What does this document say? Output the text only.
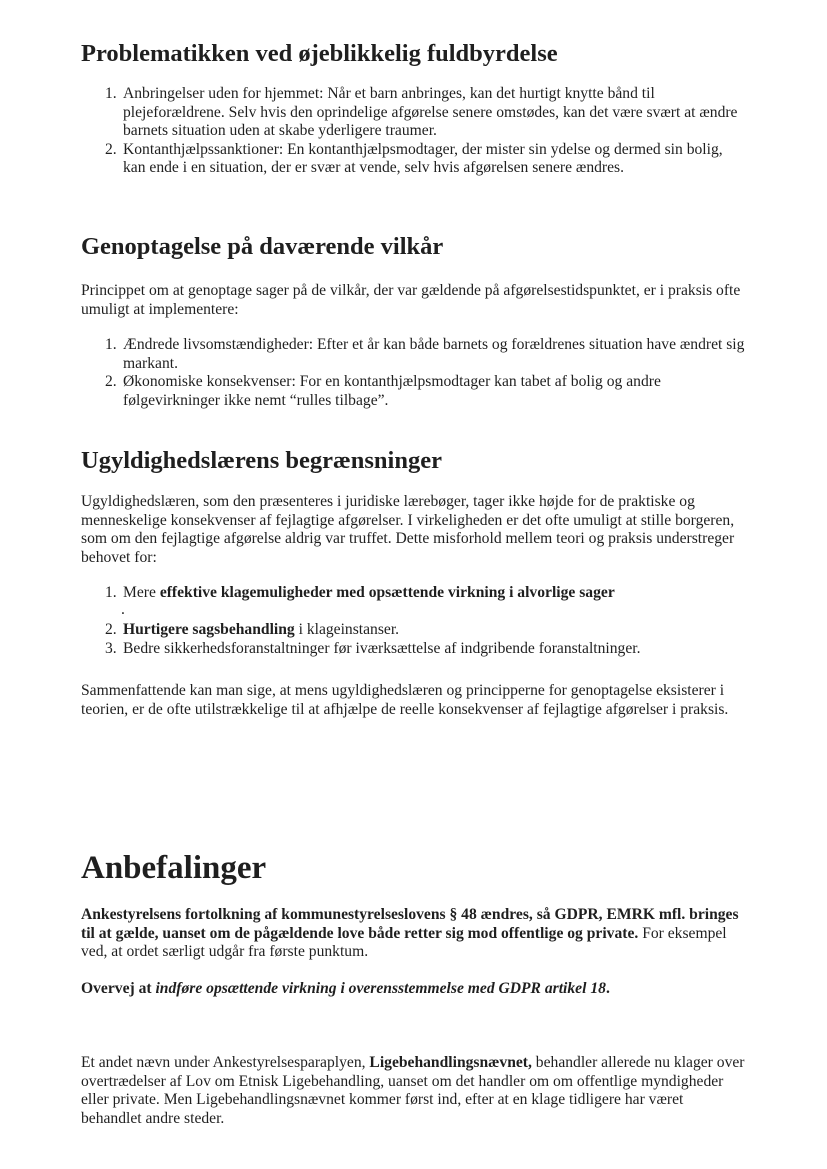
Problematikken ved øjeblikkelig fuldbyrdelse
1. Anbringelser uden for hjemmet: Når et barn anbringes, kan det hurtigt knytte bånd til plejeforældrene. Selv hvis den oprindelige afgørelse senere omstødes, kan det være svært at ændre barnets situation uden at skabe yderligere traumer.
2. Kontanthjælpssanktioner: En kontanthjælpsmodtager, der mister sin ydelse og dermed sin bolig, kan ende i en situation, der er svær at vende, selv hvis afgørelsen senere ændres.
Genoptagelse på daværende vilkår

Princippet om at genoptage sager på de vilkår, der var gældende på afgørelsestidspunktet, er i praksis ofte umuligt at implementere:

1. Ændrede livsomstændigheder: Efter et år kan både barnets og forældrenes situation have ændret sig markant.
2. Økonomiske konsekvenser: For en kontanthjælpsmodtager kan tabet af bolig og andre følgevirkninger ikke nemt “rulles tilbage”.
Ugyldighedslærens begrænsninger

Ugyldighedslæren, som den præsenteres i juridiske lærebøger, tager ikke højde for de praktiske og menneskelige konsekvenser af fejlagtige afgørelser. I virkeligheden er det ofte umuligt at stille borgeren, som om den fejlagtige afgørelse aldrig var truffet. Dette misforhold mellem teori og praksis understreger behovet for:

1. Mere effektive klagemuligheder med opsættende virkning i alvorlige sager
.
2. Hurtigere sagsbehandling i klageinstanser.
3. Bedre sikkerhedsforanstaltninger før iværksættelse af indgribende foranstaltninger.

Sammenfattende kan man sige, at mens ugyldighedslæren og principperne for genoptagelse eksisterer i teorien, er de ofte utilstrækkelige til at afhjælpe de reelle konsekvenser af fejlagtige afgørelser i praksis.

Anbefalinger

Ankestyrelsens fortolkning af kommunestyrelseslovens § 48 ændres, så GDPR, EMRK mfl. bringes til at gælde, uanset om de pågældende love både retter sig mod offentlige og private. For eksempel ved, at ordet særligt udgår fra første punktum.

Overvej at indføre opsættende virkning i overensstemmelse med GDPR artikel 18.

Et andet nævn under Ankestyrelsesparaplyen, Ligebehandlingsnævnet, behandler allerede nu klager over overtrædelser af Lov om Etnisk Ligebehandling, uanset om det handler om om offentlige myndigheder eller private. Men Ligebehandlingsnævnet kommer først ind, efter at en klage tidligere har været behandlet andre steder.
